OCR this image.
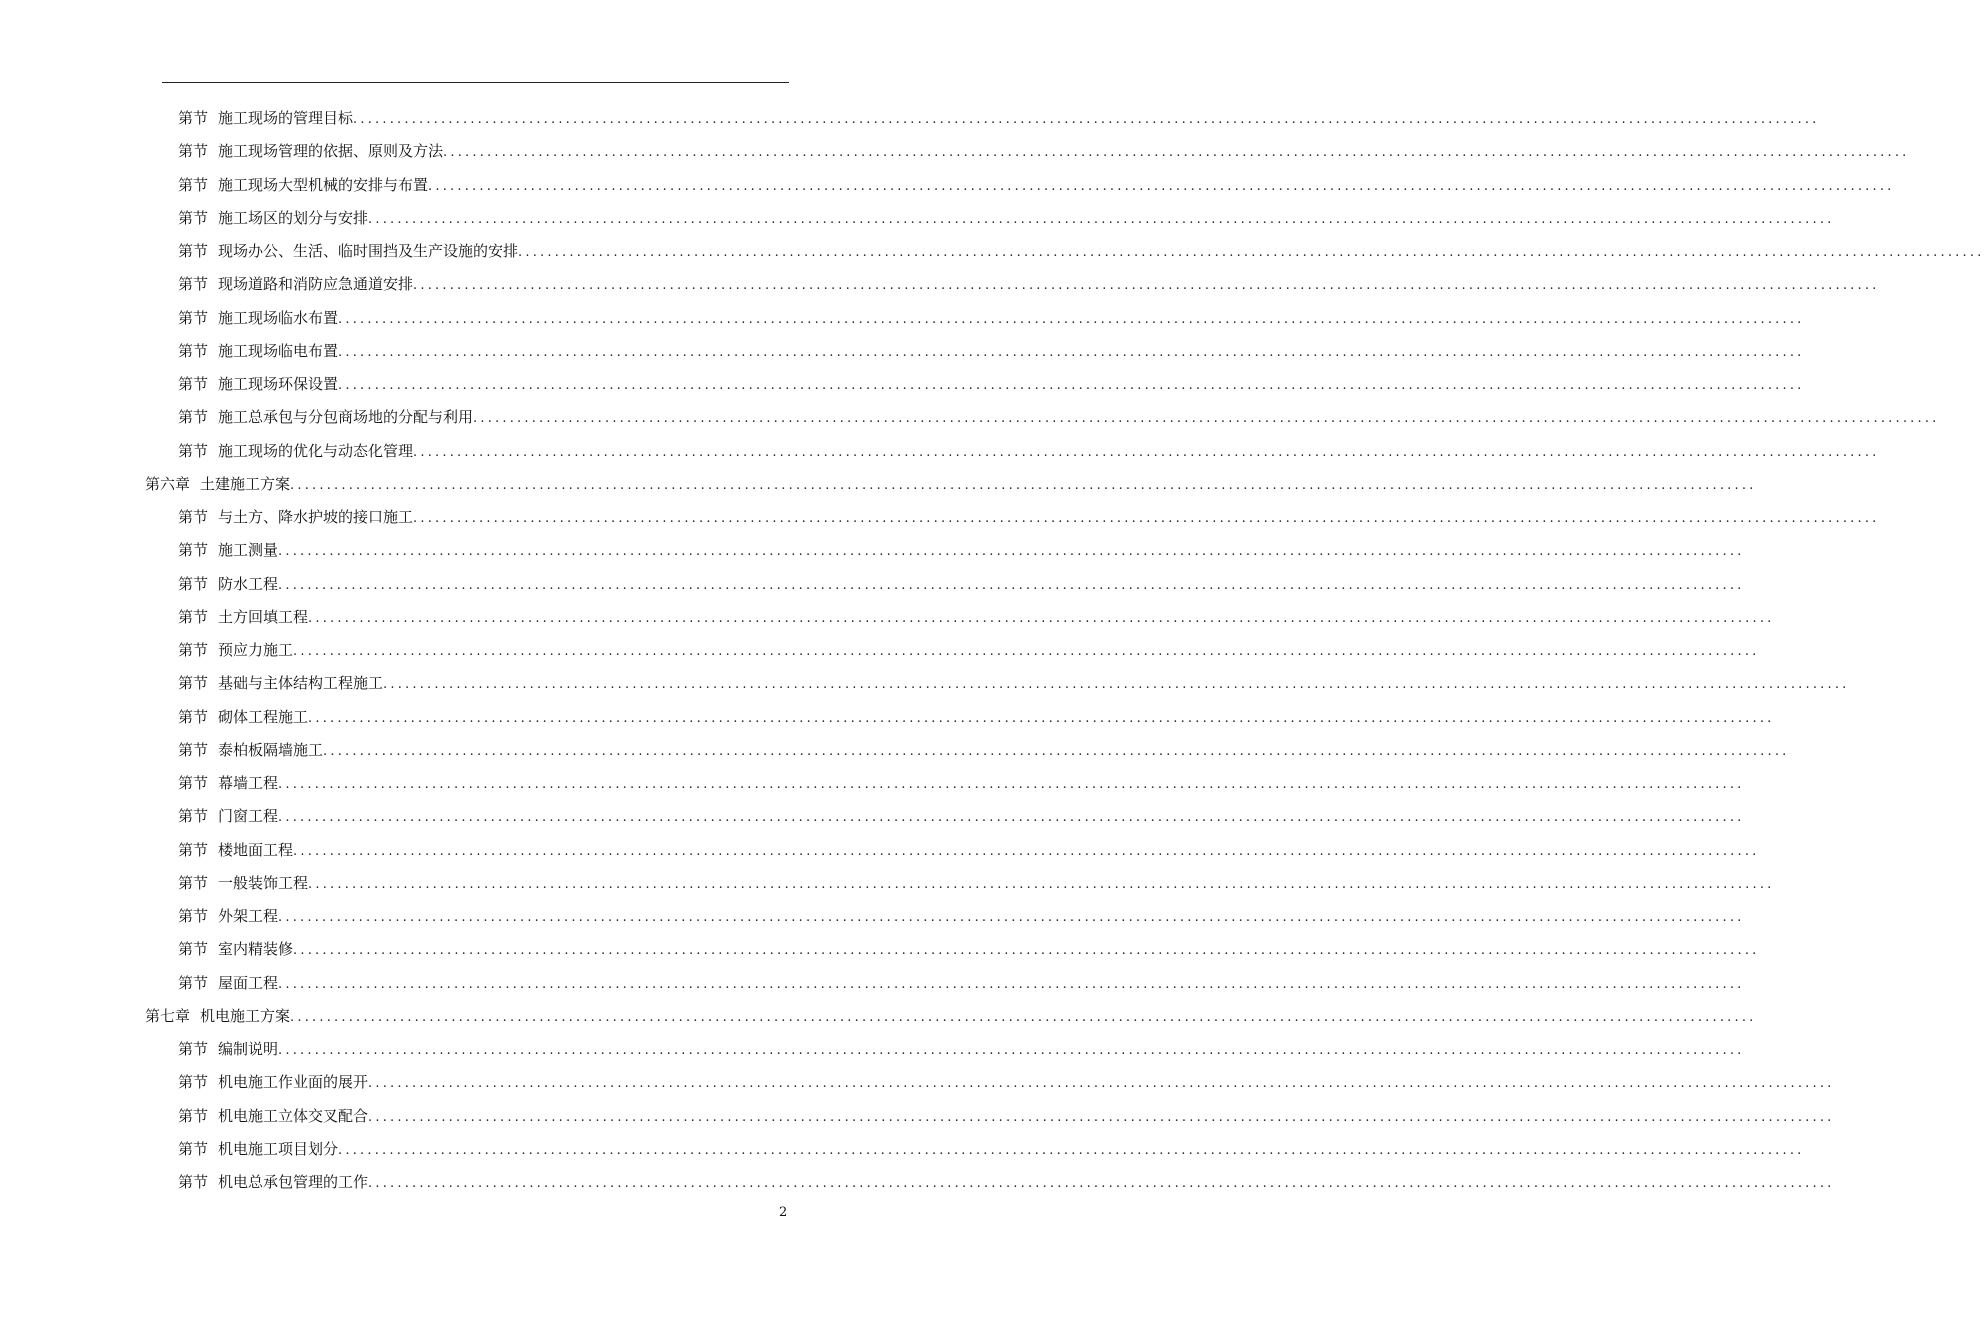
第节 施工现场的管理目标 ........................................................................................................................................................................................................
第节 施工现场管理的依据、原则及方法 ........................................................................................................................................................................................................
第节 施工现场大型机械的安排与布置 ........................................................................................................................................................................................................
第节 施工场区的划分与安排 ........................................................................................................................................................................................................
第节 现场办公、生活、临时围挡及生产设施的安排 ........................................................................................................................................................................................................
第节 现场道路和消防应急通道安排 ........................................................................................................................................................................................................
第节 施工现场临水布置 ........................................................................................................................................................................................................
第节 施工现场临电布置 ........................................................................................................................................................................................................
第节 施工现场环保设置 ........................................................................................................................................................................................................
第节 施工总承包与分包商场地的分配与利用 ........................................................................................................................................................................................................
第节 施工现场的优化与动态化管理 ........................................................................................................................................................................................................
第六章 土建施工方案 ........................................................................................................................................................................................................
第节 与土方、降水护坡的接口施工 ........................................................................................................................................................................................................
第节 施工测量 ........................................................................................................................................................................................................
第节 防水工程 ........................................................................................................................................................................................................
第节 土方回填工程 ........................................................................................................................................................................................................
第节 预应力施工 ........................................................................................................................................................................................................
第节 基础与主体结构工程施工 ........................................................................................................................................................................................................
第节 砌体工程施工 ........................................................................................................................................................................................................
第节 泰柏板隔墙施工 ........................................................................................................................................................................................................
第节 幕墙工程 ........................................................................................................................................................................................................
第节 门窗工程 ........................................................................................................................................................................................................
第节 楼地面工程 ........................................................................................................................................................................................................
第节 一般装饰工程 ........................................................................................................................................................................................................
第节 外架工程 ........................................................................................................................................................................................................
第节 室内精装修 ........................................................................................................................................................................................................
第节 屋面工程 ........................................................................................................................................................................................................
第七章 机电施工方案 ........................................................................................................................................................................................................
第节 编制说明 ........................................................................................................................................................................................................
第节 机电施工作业面的展开 ........................................................................................................................................................................................................
第节 机电施工立体交叉配合 ........................................................................................................................................................................................................
第节 机电施工项目划分 ........................................................................................................................................................................................................
第节 机电总承包管理的工作 ........................................................................................................................................................................................................
2
